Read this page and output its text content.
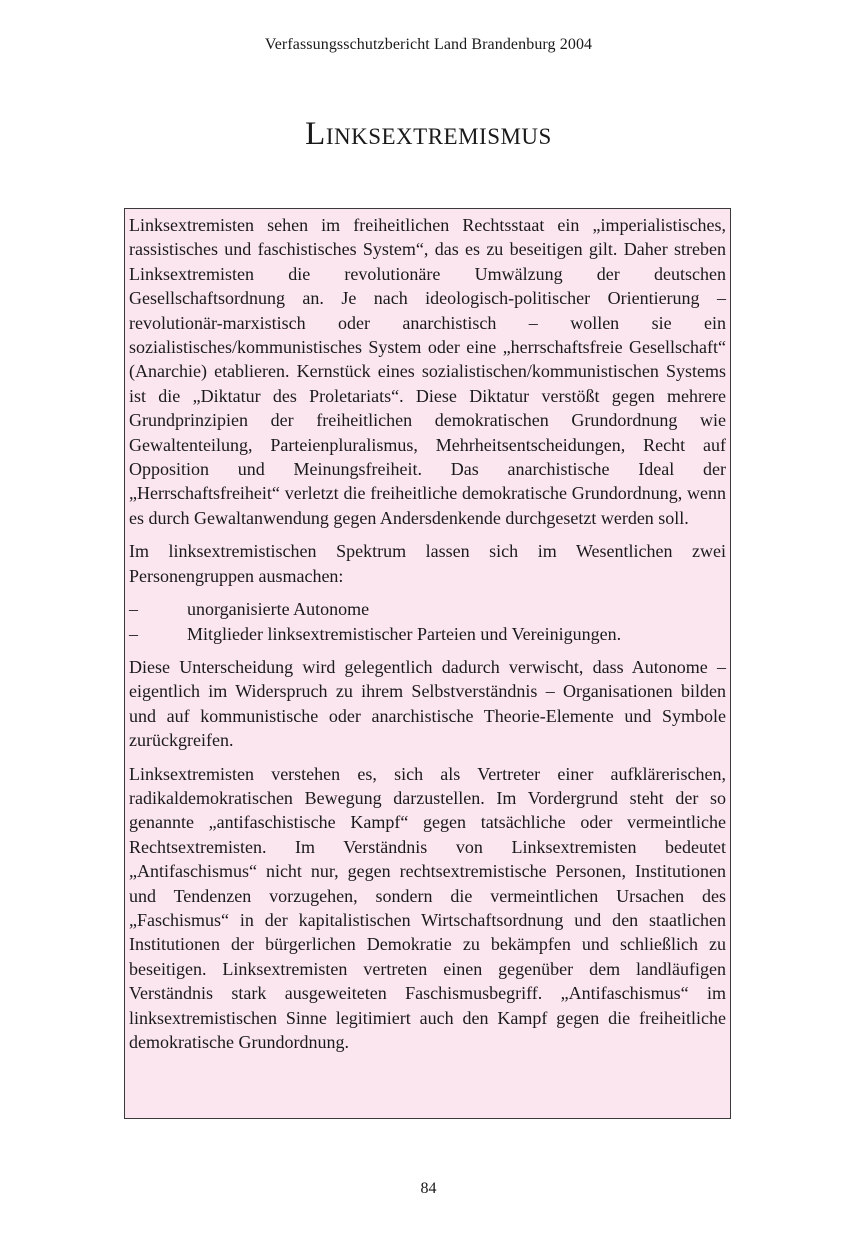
Verfassungsschutzbericht Land Brandenburg 2004
Linksextremismus

Linksextremisten sehen im freiheitlichen Rechtsstaat ein „imperialistisches, rassistisches und faschistisches System“, das es zu beseitigen gilt. Daher streben Linksextremisten die revolutionäre Umwälzung der deutschen Gesellschaftsordnung an. Je nach ideologisch-politischer Orientierung – revolutionär-marxistisch oder anarchistisch – wollen sie ein sozialistisches/kommunistisches System oder eine „herrschaftsfreie Gesellschaft“ (Anarchie) etablieren. Kernstück eines sozialistischen/kommunistischen Systems ist die „Diktatur des Proletariats“. Diese Diktatur verstößt gegen mehrere Grundprinzipien der freiheitlichen demokratischen Grundordnung wie Gewaltenteilung, Parteienpluralismus, Mehrheitsentscheidungen, Recht auf Opposition und Meinungsfreiheit. Das anarchistische Ideal der „Herrschaftsfreiheit“ verletzt die freiheitliche demokratische Grundordnung, wenn es durch Gewaltanwendung gegen Andersdenkende durchgesetzt werden soll.

Im linksextremistischen Spektrum lassen sich im Wesentlichen zwei Personengruppen ausmachen:

–	unorganisierte Autonome
–	Mitglieder linksextremistischer Parteien und Vereinigungen.

Diese Unterscheidung wird gelegentlich dadurch verwischt, dass Autonome – eigentlich im Widerspruch zu ihrem Selbstverständnis – Organisationen bilden und auf kommunistische oder anarchistische Theorie-Elemente und Symbole zurückgreifen.

Linksextremisten verstehen es, sich als Vertreter einer aufklärerischen, radikaldemokratischen Bewegung darzustellen. Im Vordergrund steht der so genannte „antifaschistische Kampf“ gegen tatsächliche oder vermeintliche Rechtsextremisten. Im Verständnis von Linksextremisten bedeutet „Antifaschismus“ nicht nur, gegen rechtsextremistische Personen, Institutionen und Tendenzen vorzugehen, sondern die vermeintlichen Ursachen des „Faschismus“ in der kapitalistischen Wirtschaftsordnung und den staatlichen Institutionen der bürgerlichen Demokratie zu bekämpfen und schließlich zu beseitigen. Linksextremisten vertreten einen gegenüber dem landläufigen Verständnis stark ausgeweiteten Faschismusbegriff. „Antifaschismus“ im linksextremistischen Sinne legitimiert auch den Kampf gegen die freiheitliche demokratische Grundordnung.

84
